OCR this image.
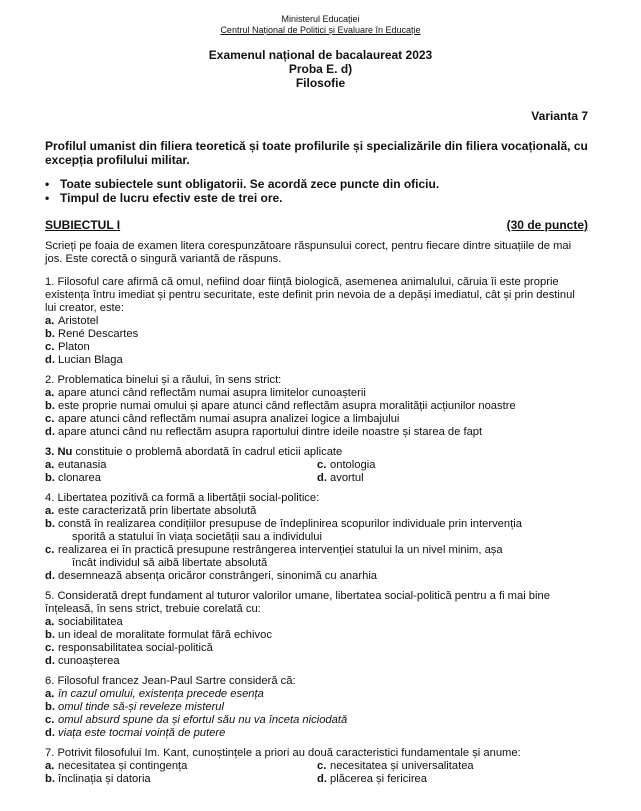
Ministerul Educației
Centrul Național de Politici și Evaluare în Educație
Examenul național de bacalaureat 2023
Proba E. d)
Filosofie
Varianta 7
Profilul umanist din filiera teoretică și toate profilurile și specializările din filiera vocațională, cu excepția profilului militar.
• Toate subiectele sunt obligatorii. Se acordă zece puncte din oficiu.
• Timpul de lucru efectiv este de trei ore.
SUBIECTUL I	(30 de puncte)
Scrieți pe foaia de examen litera corespunzătoare răspunsului corect, pentru fiecare dintre situațiile de mai jos. Este corectă o singură variantă de răspuns.
1. Filosoful care afirmă că omul, nefiind doar ființă biologică, asemenea animalului, căruia îi este proprie existența întru imediat și pentru securitate, este definit prin nevoia de a depăși imediatul, cât și prin destinul lui creator, este:
a. Aristotel
b. René Descartes
c. Platon
d. Lucian Blaga
2. Problematica binelui și a răului, în sens strict:
a. apare atunci când reflectăm numai asupra limitelor cunoașterii
b. este proprie numai omului și apare atunci când reflectăm asupra moralității acțiunilor noastre
c. apare atunci când reflectăm numai asupra analizei logice a limbajului
d. apare atunci când nu reflectăm asupra raportului dintre ideile noastre și starea de fapt
3. Nu constituie o problemă abordată în cadrul eticii aplicate
a. eutanasia	c. ontologia
b. clonarea	d. avortul
4. Libertatea pozitivă ca formă a libertății social-politice:
a. este caracterizată prin libertate absolută
b. constă în realizarea condițiilor presupuse de îndeplinirea scopurilor individuale prin intervenția
sporită a statului în viața societății sau a individului
c. realizarea ei în practică presupune restrângerea intervenției statului la un nivel minim, așa
încât individul să aibă libertate absolută
d. desemnează absența oricăror constrângeri, sinonimă cu anarhia
5. Considerată drept fundament al tuturor valorilor umane, libertatea social-politică pentru a fi mai bine înțeleasă, în sens strict, trebuie corelată cu:
a. sociabilitatea
b. un ideal de moralitate formulat fără echivoc
c. responsabilitatea social-politică
d. cunoașterea
6. Filosoful francez Jean-Paul Sartre consideră că:
a. în cazul omului, existența precede esența
b. omul tinde să-și reveleze misterul
c. omul absurd spune da și efortul său nu va înceta niciodată
d. viața este tocmai voință de putere
7. Potrivit filosofului Im. Kant, cunoștințele a priori au două caracteristici fundamentale și anume:
a. necesitatea și contingența	c. necesitatea și universalitatea
b. înclinația și datoria	d. plăcerea și fericirea
